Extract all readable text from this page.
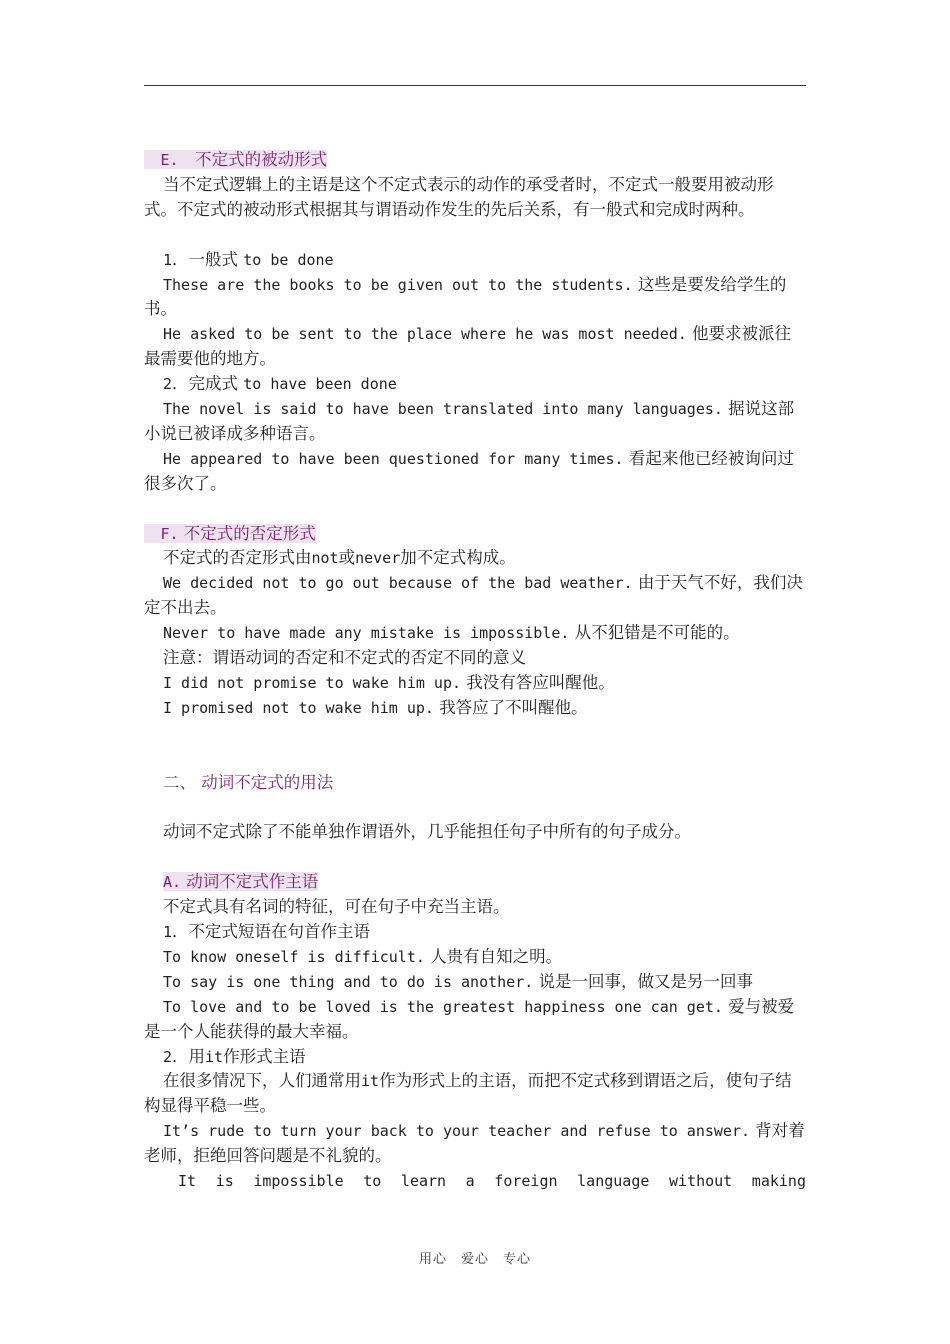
　E.　不定式的被动形式

当不定式逻辑上的主语是这个不定式表示的动作的承受者时，不定式一般要用被动形式。不定式的被动形式根据其与谓语动作发生的先后关系，有一般式和完成时两种。

1．一般式 to be done

These are the books to be given out to the students. 这些是要发给学生的书。

He asked to be sent to the place where he was most needed. 他要求被派往最需要他的地方。

2．完成式 to have been done

The novel is said to have been translated into many languages. 据说这部小说已被译成多种语言。

He appeared to have been questioned for many times. 看起来他已经被询问过很多次了。

　F. 不定式的否定形式

不定式的否定形式由not或never加不定式构成。

We decided not to go out because of the bad weather. 由于天气不好，我们决定不出去。

Never to have made any mistake is impossible. 从不犯错是不可能的。

注意：谓语动词的否定和不定式的否定不同的意义

I did not promise to wake him up. 我没有答应叫醒他。

I promised not to wake him up. 我答应了不叫醒他。

二、 动词不定式的用法

动词不定式除了不能单独作谓语外，几乎能担任句子中所有的句子成分。

A. 动词不定式作主语

不定式具有名词的特征，可在句子中充当主语。

1．不定式短语在句首作主语

To know oneself is difficult. 人贵有自知之明。

To say is one thing and to do is another. 说是一回事，做又是另一回事

To love and to be loved is the greatest happiness one can get. 爱与被爱是一个人能获得的最大幸福。

2．用it作形式主语

在很多情况下，人们通常用it作为形式上的主语，而把不定式移到谓语之后，使句子结构显得平稳一些。

It’s rude to turn your back to your teacher and refuse to answer. 背对着老师，拒绝回答问题是不礼貌的。

It is impossible to learn a foreign language without making

用心　爱心　专心
